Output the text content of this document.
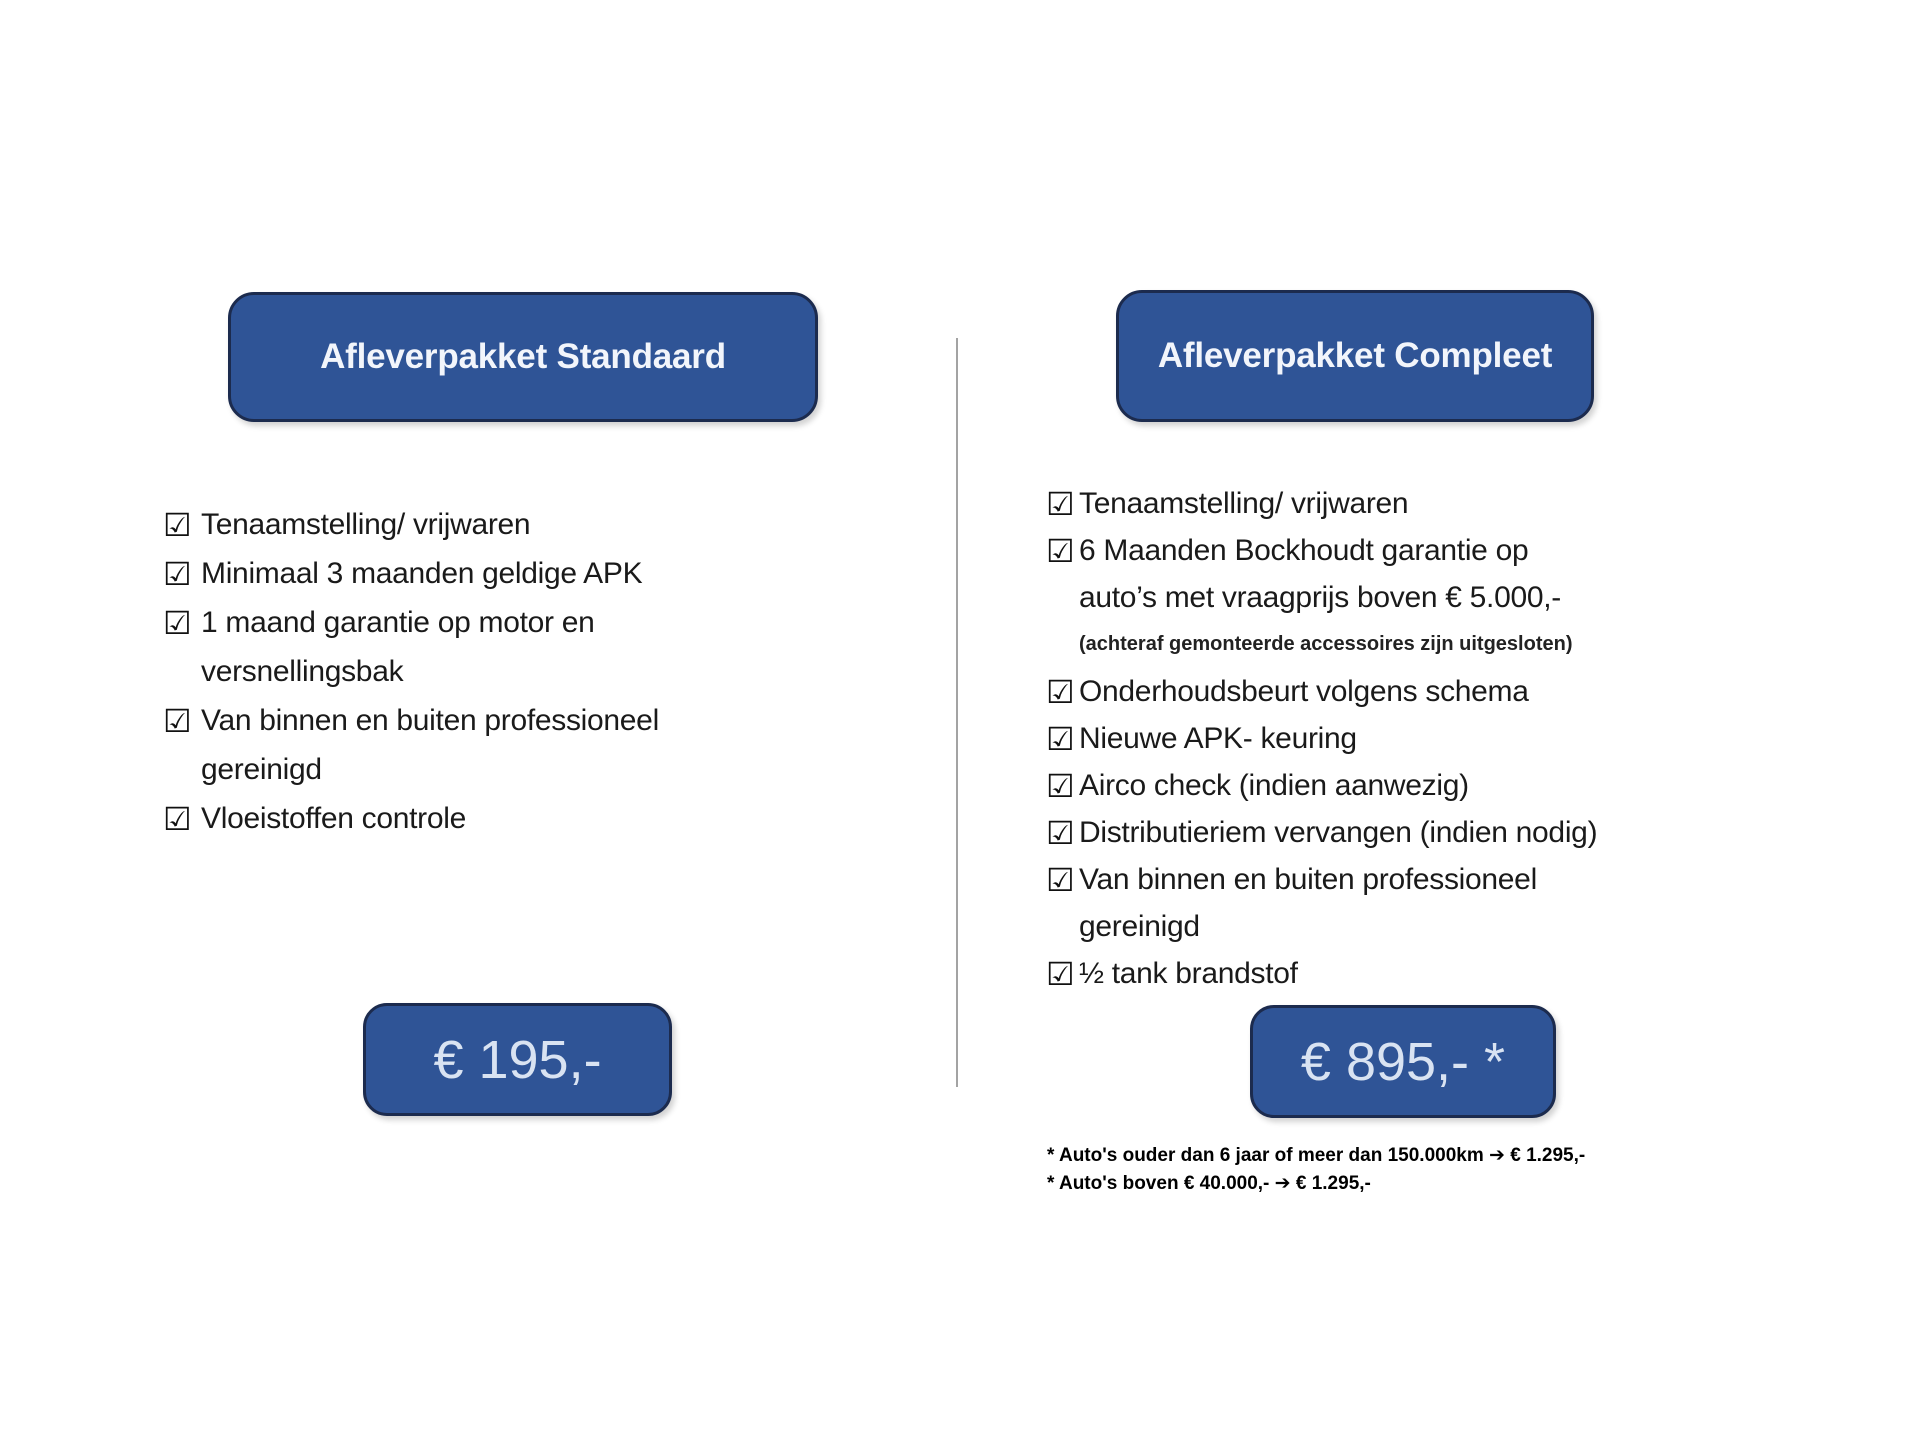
Afleverpakket Standaard
☑ Tenaamstelling/ vrijwaren
☑ Minimaal 3 maanden geldige APK
☑ 1 maand garantie op motor en
versnellingsbak
☑ Van binnen en buiten professioneel
gereinigd
☑ Vloeistoffen controle
€ 195,-
Afleverpakket Compleet
☑ Tenaamstelling/ vrijwaren
☑ 6 Maanden Bockhoudt garantie op
auto’s met vraagprijs boven € 5.000,-
(achteraf gemonteerde accessoires zijn uitgesloten)
☑ Onderhoudsbeurt volgens schema
☑ Nieuwe APK- keuring
☑ Airco check (indien aanwezig)
☑ Distributieriem vervangen (indien nodig)
☑ Van binnen en buiten professioneel
gereinigd
☑ ½ tank brandstof
€ 895,- *
* Auto's ouder dan 6 jaar of meer dan 150.000km ➔ € 1.295,-
* Auto's boven € 40.000,- ➔ € 1.295,-
